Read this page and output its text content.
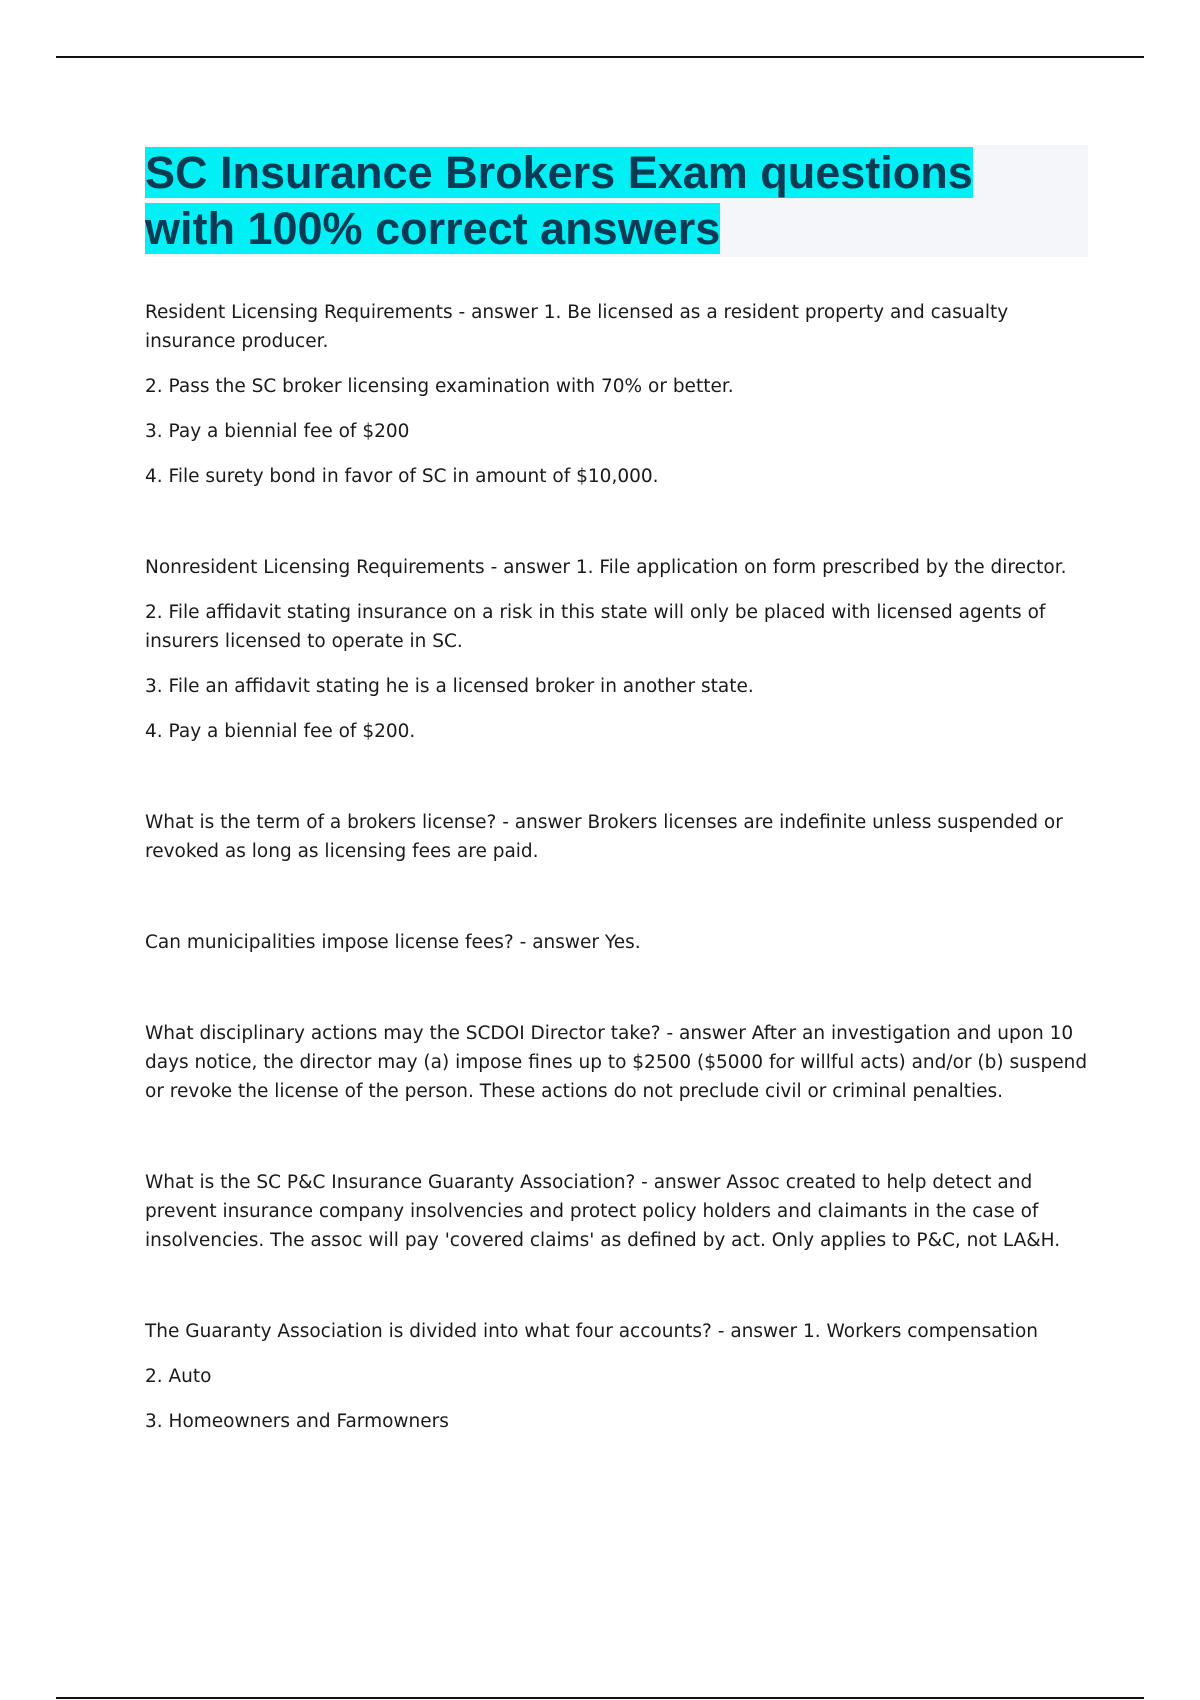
SC Insurance Brokers Exam questions
with 100% correct answers

Resident Licensing Requirements - answer 1. Be licensed as a resident property and casualty insurance producer.

2. Pass the SC broker licensing examination with 70% or better.

3. Pay a biennial fee of $200

4. File surety bond in favor of SC in amount of $10,000.

Nonresident Licensing Requirements - answer 1. File application on form prescribed by the director.

2. File affidavit stating insurance on a risk in this state will only be placed with licensed agents of insurers licensed to operate in SC.

3. File an affidavit stating he is a licensed broker in another state.

4. Pay a biennial fee of $200.

What is the term of a brokers license? - answer Brokers licenses are indefinite unless suspended or revoked as long as licensing fees are paid.

Can municipalities impose license fees? - answer Yes.

What disciplinary actions may the SCDOI Director take? - answer After an investigation and upon 10 days notice, the director may (a) impose fines up to $2500 ($5000 for willful acts) and/or (b) suspend or revoke the license of the person. These actions do not preclude civil or criminal penalties.

What is the SC P&C Insurance Guaranty Association? - answer Assoc created to help detect and prevent insurance company insolvencies and protect policy holders and claimants in the case of insolvencies. The assoc will pay 'covered claims' as defined by act. Only applies to P&C, not LA&H.

The Guaranty Association is divided into what four accounts? - answer 1. Workers compensation

2. Auto

3. Homeowners and Farmowners
